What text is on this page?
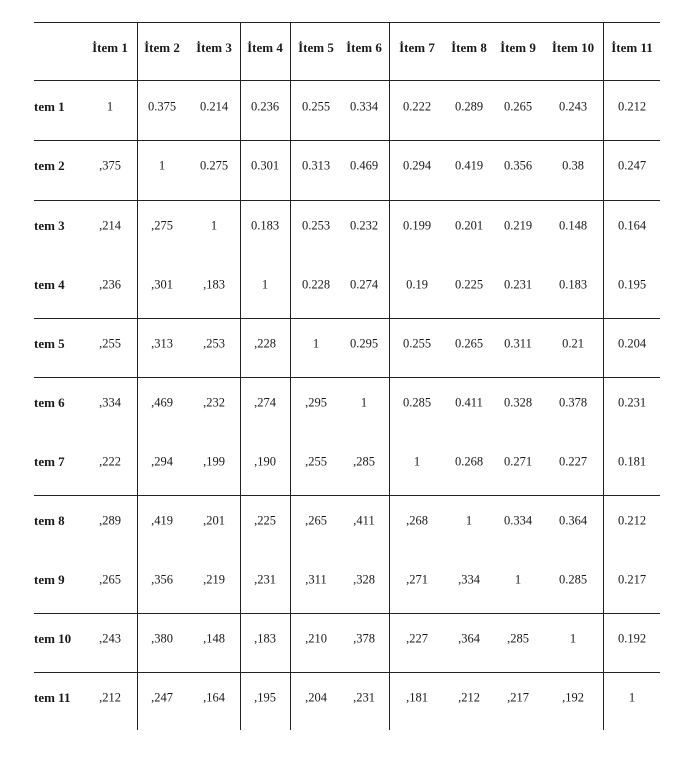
İtem 1 İtem 2 İtem 3 İtem 4 İtem 5 İtem 6 İtem 7 İtem 8 İtem 9 İtem 10 İtem 11
tem 1	1	0.375 0.214 0.236 0.255 0.334 0.222 0.289 0.265 0.243 0.212
tem 2	,375	1	0.275 0.301 0.313 0.469 0.294 0.419 0.356 0.38	0.247
tem 3	,214 ,275	1	0.183 0.253 0.232 0.199 0.201 0.219 0.148 0.164
tem 4	,236 ,301 ,183	1	0.228 0.274 0.19 0.225 0.231 0.183 0.195
tem 5	,255 ,313 ,253 ,228	1 0.295 0.255 0.265 0.311 0.21	0.204
tem 6	,334 ,469 ,232 ,274 ,295	1	0.285 0.411 0.328 0.378 0.231
tem 7	,222 ,294 ,199 ,190 ,255 ,285	1	0.268 0.271 0.227 0.181
tem 8	,289 ,419 ,201 ,225 ,265 ,411	,268	1	0.334 0.364 0.212
tem 9	,265 ,356 ,219 ,231 ,311 ,328 ,271 ,334	1	0.285 0.217
tem 10 ,243 ,380 ,148 ,183 ,210 ,378 ,227 ,364 ,285	1	0.192
tem 11 ,212 ,247 ,164 ,195 ,204 ,231 ,181 ,212 ,217	,192	1
